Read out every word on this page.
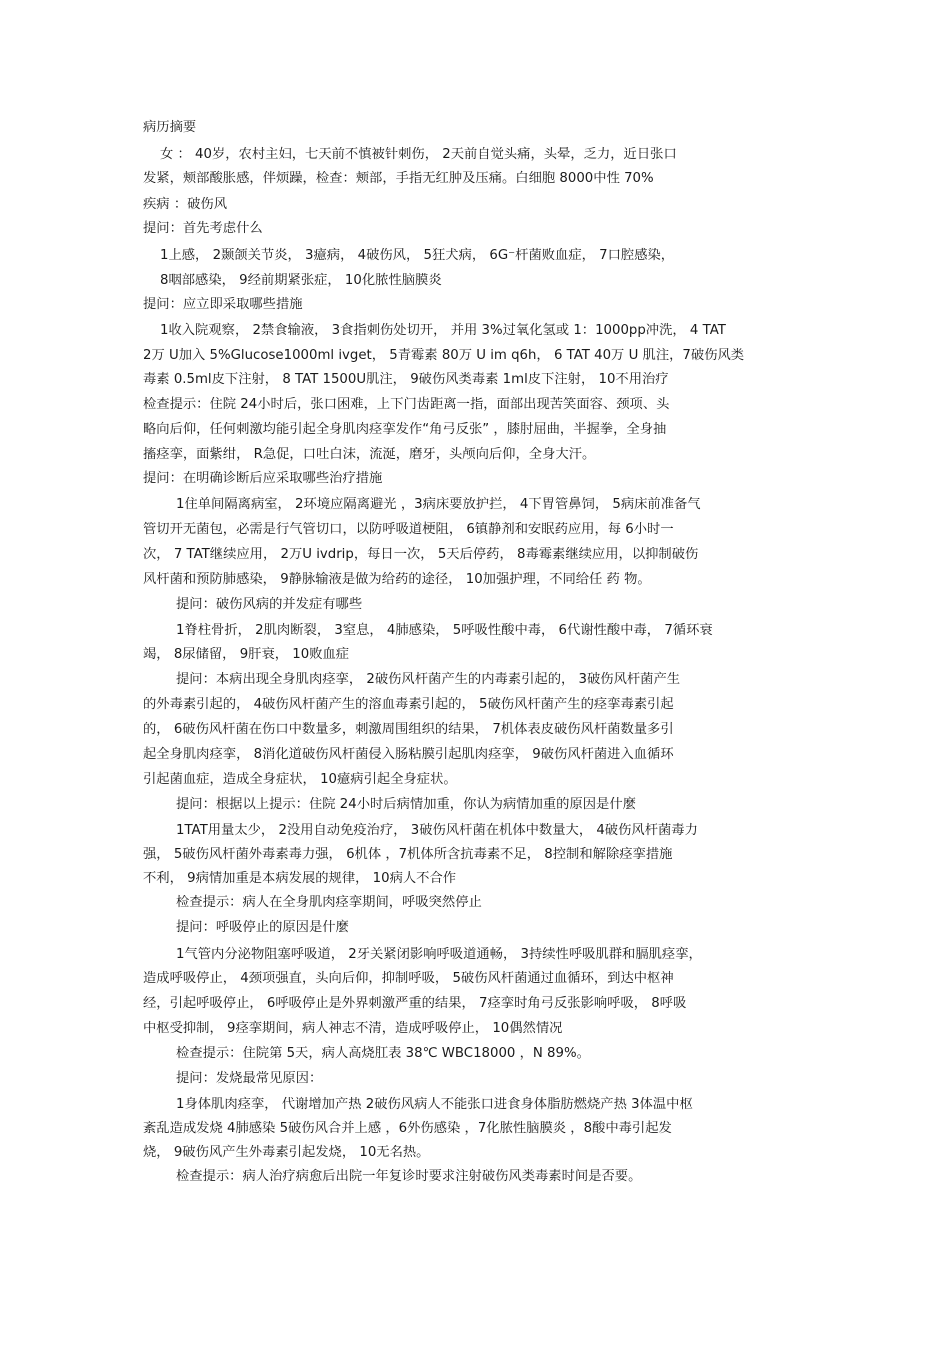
病历摘要
女 ： 40岁，农村主妇，七天前不慎被针刺伤， 2天前自觉头痛，头晕，乏力，近日张口
发紧，颊部酸胀感，伴烦躁，检查：颊部，手指无红肿及压痛。白细胞 8000中性 70%
疾病 ：破伤风
提问：首先考虑什么
1上感， 2颞颌关节炎， 3癔病， 4破伤风， 5狂犬病， 6G⁻杆菌败血症， 7口腔感染，
8咽部感染， 9经前期紧张症， 10化脓性脑膜炎
提问：应立即采取哪些措施
1收入院观察， 2禁食输液， 3食指刺伤处切开， 并用 3%过氧化氢或 1：1000pp冲洗， 4 TAT
2万 U加入 5%Glucose1000ml ivget， 5青霉素 80万 U im q6h， 6 TAT 40万 U 肌注，7破伤风类
毒素 0.5ml皮下注射， 8 TAT 1500U肌注， 9破伤风类毒素 1ml皮下注射， 10不用治疗
检查提示：住院 24小时后，张口困难，上下门齿距离一指，面部出现苦笑面容、颈项、头
略向后仰，任何刺激均能引起全身肌肉痉挛发作“角弓反张” ，膝肘屈曲，半握拳，全身抽
搐痉挛，面紫绀， R急促，口吐白沫，流涎，磨牙，头颅向后仰，全身大汗。
提问：在明确诊断后应采取哪些治疗措施
1住单间隔离病室， 2环境应隔离避光 ，3病床要放护拦， 4下胃管鼻饲， 5病床前准备气
管切开无菌包，必需是行气管切口，以防呼吸道梗阻， 6镇静剂和安眠药应用，每 6小时一
次， 7 TAT继续应用， 2万U ivdrip，每日一次， 5天后停药， 8毒霉素继续应用，以抑制破伤
风杆菌和预防肺感染， 9静脉输液是做为给药的途径， 10加强护理，不同给任 药 物。
提问：破伤风病的并发症有哪些
1脊柱骨折， 2肌肉断裂， 3窒息， 4肺感染， 5呼吸性酸中毒， 6代谢性酸中毒， 7循环衰
竭， 8尿储留， 9肝衰， 10败血症
提问：本病出现全身肌肉痉挛， 2破伤风杆菌产生的内毒素引起的， 3破伤风杆菌产生
的外毒素引起的， 4破伤风杆菌产生的溶血毒素引起的， 5破伤风杆菌产生的痉挛毒素引起
的， 6破伤风杆菌在伤口中数量多，刺激周围组织的结果， 7机体表皮破伤风杆菌数量多引
起全身肌肉痉挛， 8消化道破伤风杆菌侵入肠粘膜引起肌肉痉挛， 9破伤风杆菌进入血循环
引起菌血症，造成全身症状， 10癔病引起全身症状。
提问：根据以上提示：住院 24小时后病情加重，你认为病情加重的原因是什麼
1TAT用量太少， 2没用自动免疫治疗， 3破伤风杆菌在机体中数量大， 4破伤风杆菌毒力
强， 5破伤风杆菌外毒素毒力强， 6机体 ，7机体所含抗毒素不足， 8控制和解除痉挛措施
不利， 9病情加重是本病发展的规律， 10病人不合作
检查提示：病人在全身肌肉痉挛期间，呼吸突然停止
提问：呼吸停止的原因是什麼
1气管内分泌物阻塞呼吸道， 2牙关紧闭影响呼吸道通畅， 3持续性呼吸肌群和膈肌痉挛，
造成呼吸停止， 4颈项强直，头向后仰，抑制呼吸， 5破伤风杆菌通过血循环，到达中枢神
经，引起呼吸停止， 6呼吸停止是外界刺激严重的结果， 7痉挛时角弓反张影响呼吸， 8呼吸
中枢受抑制， 9痉挛期间，病人神志不清，造成呼吸停止， 10偶然情况
检查提示：住院第 5天，病人高烧肛表 38℃ WBC18000 ，N 89%。
提问：发烧最常见原因：
1身体肌肉痉挛， 代谢增加产热 2破伤风病人不能张口进食身体脂肪燃烧产热 3体温中枢
紊乱造成发烧 4肺感染 5破伤风合并上感 ，6外伤感染 ，7化脓性脑膜炎 ，8酸中毒引起发
烧， 9破伤风产生外毒素引起发烧， 10无名热。
检查提示：病人治疗病愈后出院一年复诊时要求注射破伤风类毒素时间是否要。
